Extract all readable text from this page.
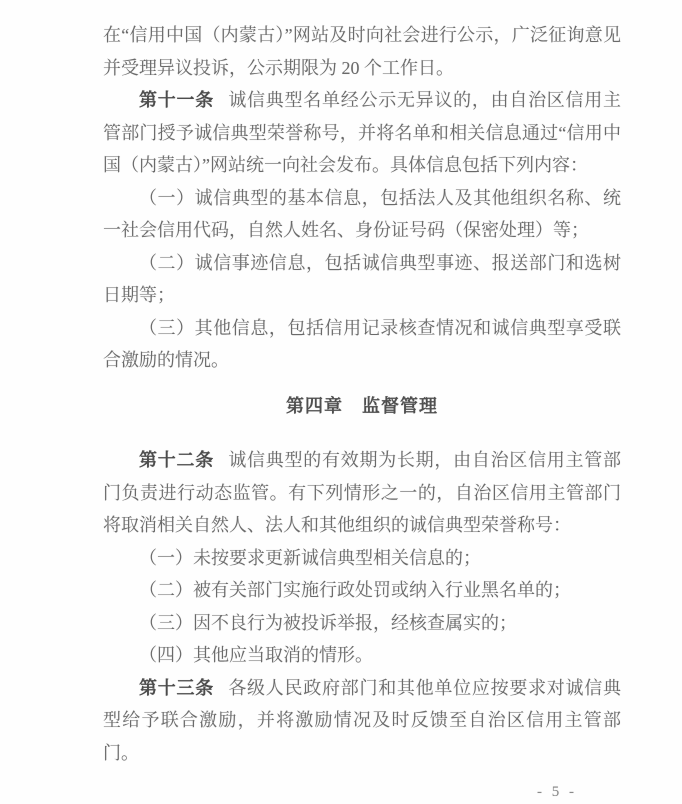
在“信用中国（内蒙古）”网站及时向社会进行公示，广泛征询意见并受理异议投诉，公示期限为 20 个工作日。

第十一条 诚信典型名单经公示无异议的，由自治区信用主管部门授予诚信典型荣誉称号，并将名单和相关信息通过“信用中国（内蒙古）”网站统一向社会发布。具体信息包括下列内容：

（一）诚信典型的基本信息，包括法人及其他组织名称、统一社会信用代码，自然人姓名、身份证号码（保密处理）等；

（二）诚信事迹信息，包括诚信典型事迹、报送部门和选树日期等；

（三）其他信息，包括信用记录核查情况和诚信典型享受联合激励的情况。

第四章　监督管理

第十二条 诚信典型的有效期为长期，由自治区信用主管部门负责进行动态监管。有下列情形之一的，自治区信用主管部门将取消相关自然人、法人和其他组织的诚信典型荣誉称号：

（一）未按要求更新诚信典型相关信息的；

（二）被有关部门实施行政处罚或纳入行业黑名单的；

（三）因不良行为被投诉举报，经核查属实的；

（四）其他应当取消的情形。

第十三条 各级人民政府部门和其他单位应按要求对诚信典型给予联合激励，并将激励情况及时反馈至自治区信用主管部门。

- 5 -
